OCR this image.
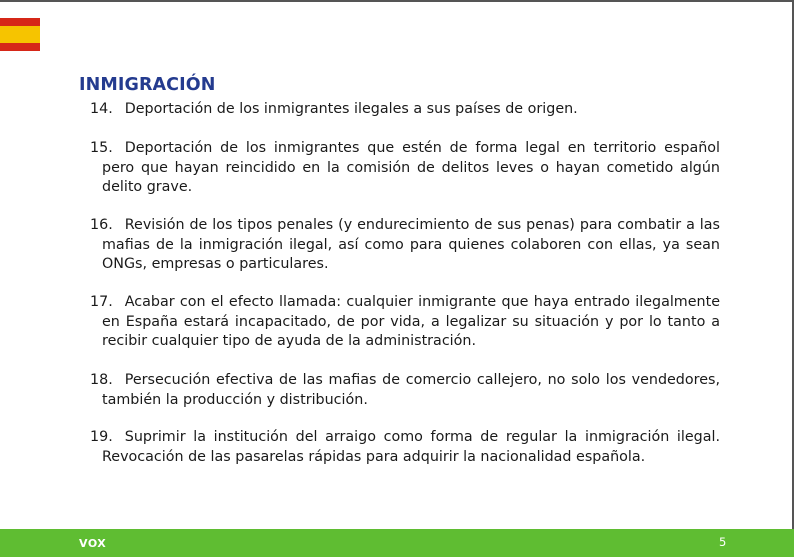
INMIGRACIÓN
14. Deportación de los inmigrantes ilegales a sus países de origen.
15. Deportación de los inmigrantes que estén de forma legal en territorio español pero que hayan reincidido en la comisión de delitos leves o hayan cometido algún delito grave.
16. Revisión de los tipos penales (y endurecimiento de sus penas) para combatir a las mafias de la inmigración ilegal, así como para quienes colaboren con ellas, ya sean ONGs, empresas o particulares.
17. Acabar con el efecto llamada: cualquier inmigrante que haya entrado ilegalmente en España estará incapacitado, de por vida, a legalizar su situación y por lo tanto a recibir cualquier tipo de ayuda de la administración.
18. Persecución efectiva de las mafias de comercio callejero, no solo los vendedores, también la producción y distribución.
19. Suprimir la institución del arraigo como forma de regular la inmigración ilegal. Revocación de las pasarelas rápidas para adquirir la nacionalidad española.
VOX	5
